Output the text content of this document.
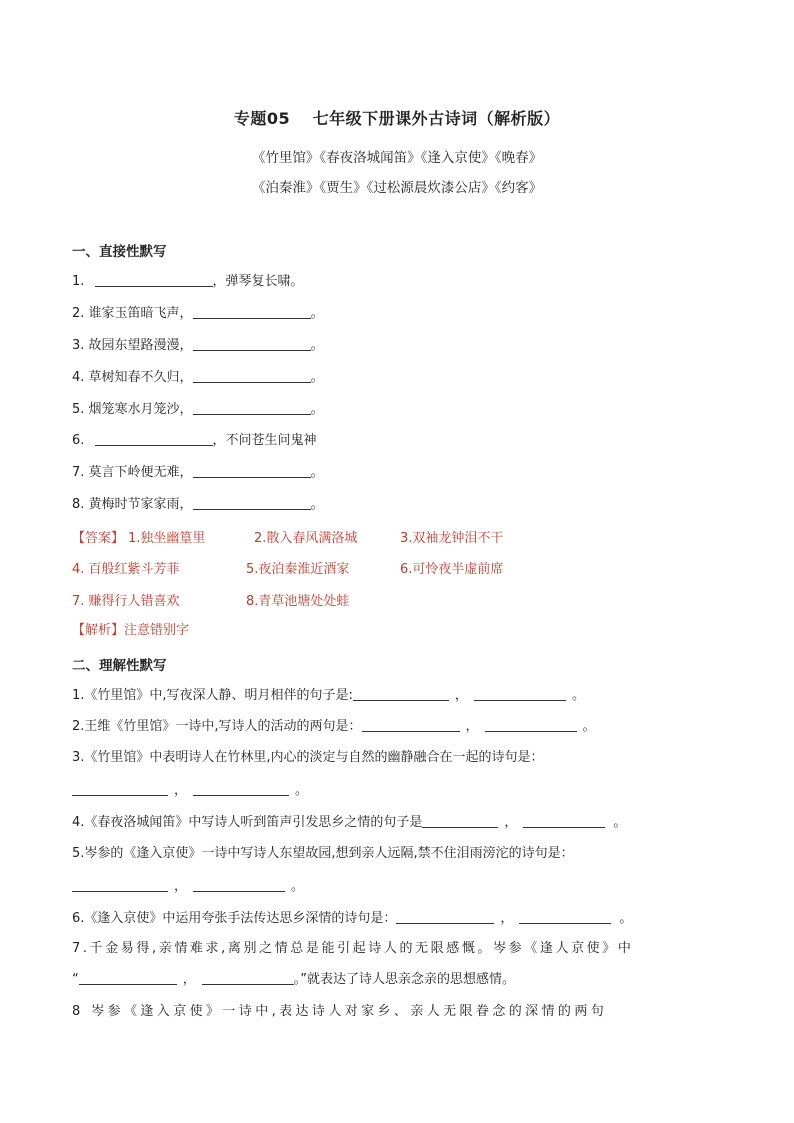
专题05　 七年级下册课外古诗词（解析版）
《竹里馆》《春夜洛城闻笛》《逢入京使》《晚春》
《泊秦淮》《贾生》《过松源晨炊漆公店》《约客》
一、直接性默写
1.	，弹琴复长啸。
2. 谁家玉笛暗飞声，	。
3. 故园东望路漫漫，	。
4. 草树知春不久归，	。
5. 烟笼寒水月笼沙，	。
6.	，不问苍生问鬼神
7. 莫言下岭便无难，	。
8. 黄梅时节家家雨，	。
【答案】 1.独坐幽篁里	2.散入春风满洛城	3.双袖龙钟泪不干
4. 百般红紫斗芳菲	5.夜泊秦淮近酒家	6.可怜夜半虚前席
7. 赚得行人错喜欢	8.青草池塘处处蛙
【解析】注意错别字
二、理解性默写
1.《竹里馆》中,写夜深人静、明月相伴的句子是:	，	。
2.王维《竹里馆》一诗中,写诗人的活动的两句是：	，	。
3.《竹里馆》中表明诗人在竹林里,内心的淡定与自然的幽静融合在一起的诗句是：
，	。
4.《春夜洛城闻笛》中写诗人听到笛声引发思乡之情的句子是	，	。
5.岑参的《逢入京使》一诗中写诗人东望故园,想到亲人远隔,禁不住泪雨滂沱的诗句是：
，	。
6.《逢入京使》中运用夸张手法传达思乡深情的诗句是：	，	。
7.千金易得,亲情难求,离别之情总是能引起诗人的无限感慨。岑参《逢人京使》中
“	，	。”就表达了诗人思亲念亲的思想感情。
8 岑参《逢入京使》一诗中,表达诗人对家乡、亲人无限眷念的深情的两句
